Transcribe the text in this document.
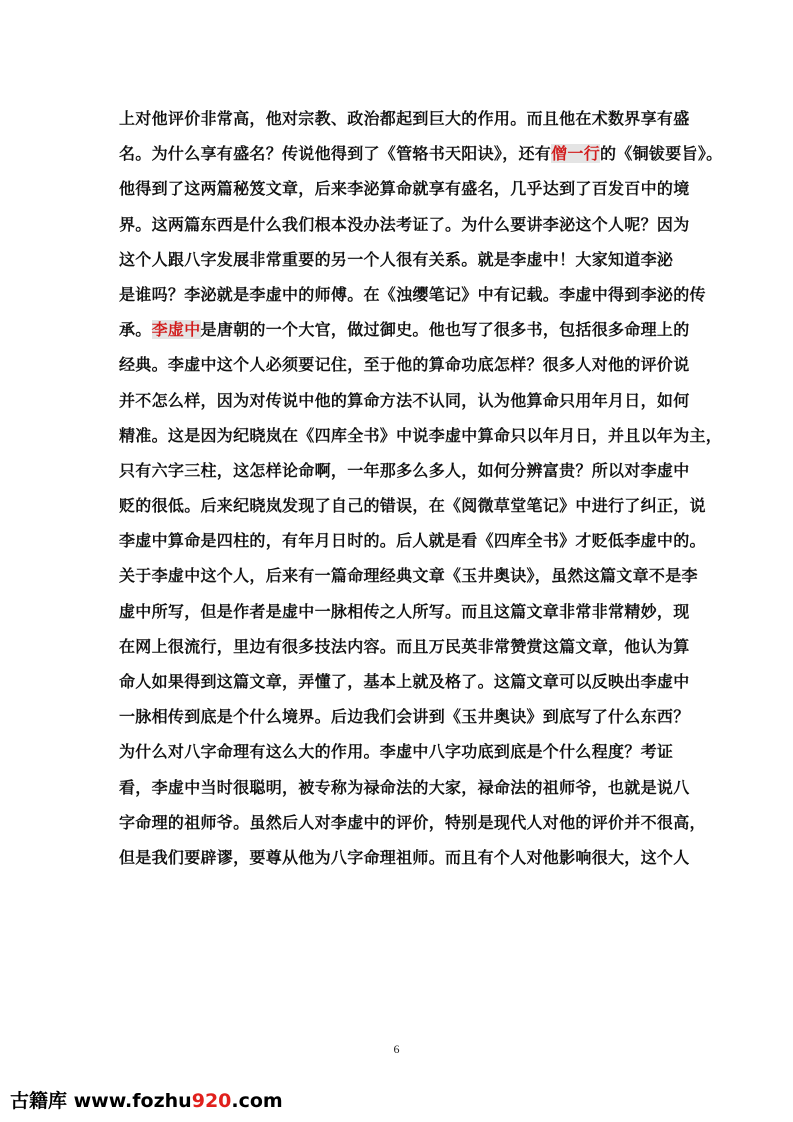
上对他评价非常高，他对宗教、政治都起到巨大的作用。而且他在术数界享有盛
名。为什么享有盛名？传说他得到了《管辂书天阳诀》，还有僧一行的《铜钹要旨》。
他得到了这两篇秘笈文章，后来李泌算命就享有盛名，几乎达到了百发百中的境
界。这两篇东西是什么我们根本没办法考证了。为什么要讲李泌这个人呢？因为
这个人跟八字发展非常重要的另一个人很有关系。就是李虚中！大家知道李泌
是谁吗？李泌就是李虚中的师傅。在《浊缨笔记》中有记载。李虚中得到李泌的传
承。李虚中是唐朝的一个大官，做过御史。他也写了很多书，包括很多命理上的
经典。李虚中这个人必须要记住，至于他的算命功底怎样？很多人对他的评价说
并不怎么样，因为对传说中他的算命方法不认同，认为他算命只用年月日，如何
精准。这是因为纪晓岚在《四库全书》中说李虚中算命只以年月日，并且以年为主，
只有六字三柱，这怎样论命啊，一年那多么多人，如何分辨富贵？所以对李虚中
贬的很低。后来纪晓岚发现了自己的错误，在《阅微草堂笔记》中进行了纠正，说
李虚中算命是四柱的，有年月日时的。后人就是看《四库全书》才贬低李虚中的。
关于李虚中这个人，后来有一篇命理经典文章《玉井奥诀》，虽然这篇文章不是李
虚中所写，但是作者是虚中一脉相传之人所写。而且这篇文章非常非常精妙，现
在网上很流行，里边有很多技法内容。而且万民英非常赞赏这篇文章，他认为算
命人如果得到这篇文章，弄懂了，基本上就及格了。这篇文章可以反映出李虚中
一脉相传到底是个什么境界。后边我们会讲到《玉井奥诀》到底写了什么东西？
为什么对八字命理有这么大的作用。李虚中八字功底到底是个什么程度？考证
看，李虚中当时很聪明，被专称为禄命法的大家，禄命法的祖师爷，也就是说八
字命理的祖师爷。虽然后人对李虚中的评价，特别是现代人对他的评价并不很高，
但是我们要辟谬，要尊从他为八字命理祖师。而且有个人对他影响很大，这个人
6
古籍库 www.fozhu920.com
